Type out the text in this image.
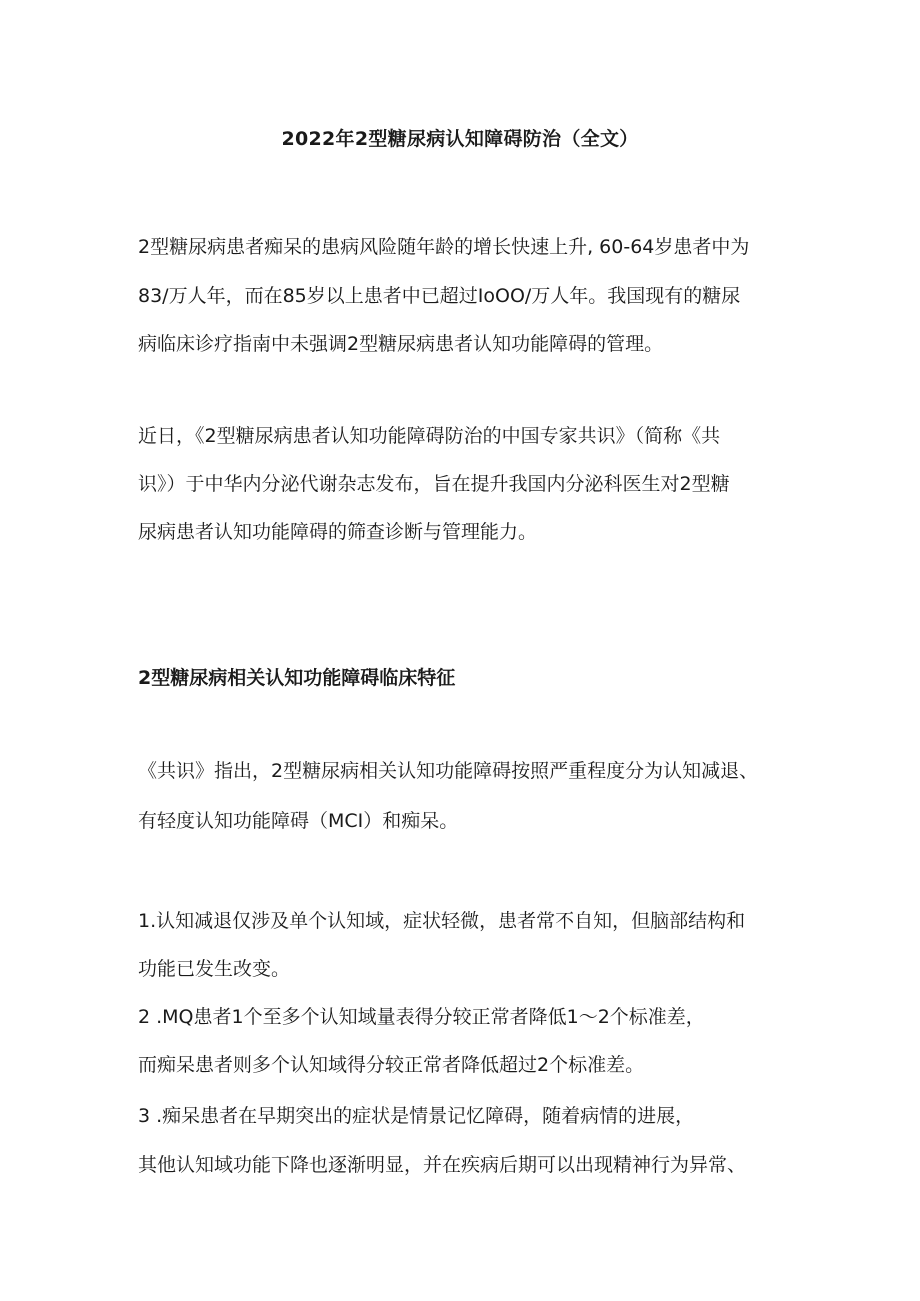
2022年2型糖尿病认知障碍防治（全文）
2型糖尿病患者痴呆的患病风险随年龄的增长快速上升, 60-64岁患者中为
83/万人年，而在85岁以上患者中已超过IoOO/万人年。我国现有的糖尿
病临床诊疗指南中未强调2型糖尿病患者认知功能障碍的管理。
近日，《2型糖尿病患者认知功能障碍防治的中国专家共识》（简称《共
识》）于中华内分泌代谢杂志发布，旨在提升我国内分泌科医生对2型糖
尿病患者认知功能障碍的筛查诊断与管理能力。
2型糖尿病相关认知功能障碍临床特征
《共识》指出，2型糖尿病相关认知功能障碍按照严重程度分为认知减退、
有轻度认知功能障碍（MCI）和痴呆。
1.认知减退仅涉及单个认知域，症状轻微，患者常不自知，但脑部结构和
功能已发生改变。
2 .MQ患者1个至多个认知域量表得分较正常者降低1～2个标准差，
而痴呆患者则多个认知域得分较正常者降低超过2个标准差。
3 .痴呆患者在早期突出的症状是情景记忆障碍，随着病情的进展，
其他认知域功能下降也逐渐明显，并在疾病后期可以出现精神行为异常、
